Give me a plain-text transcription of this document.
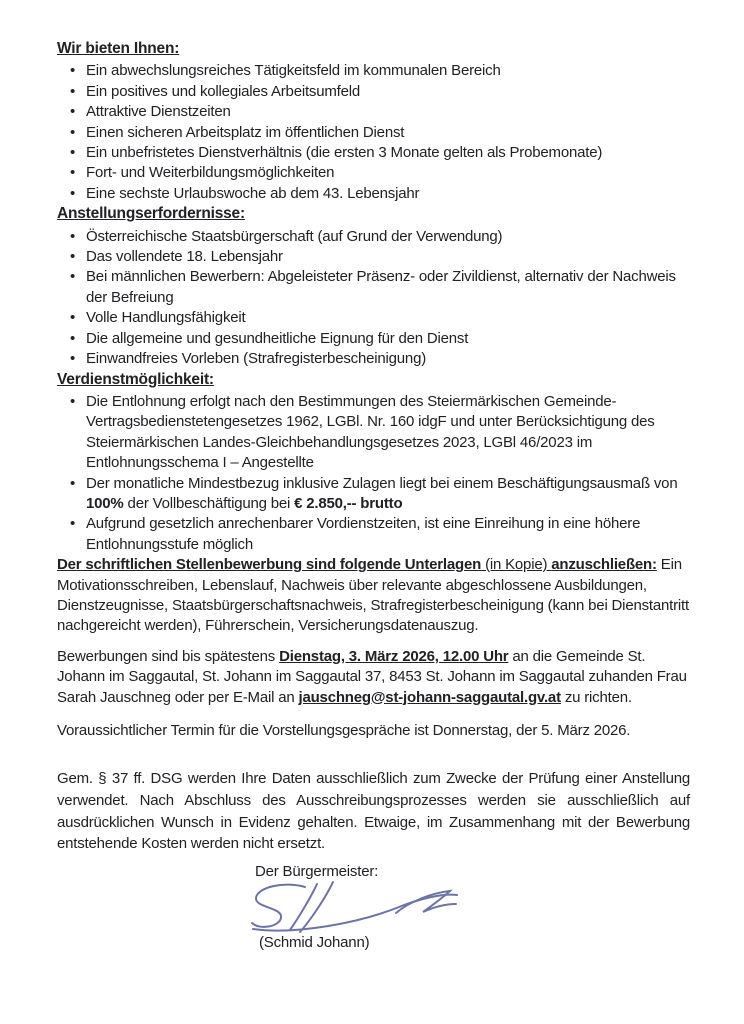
Wir bieten Ihnen:
• Ein abwechslungsreiches Tätigkeitsfeld im kommunalen Bereich
• Ein positives und kollegiales Arbeitsumfeld
• Attraktive Dienstzeiten
• Einen sicheren Arbeitsplatz im öffentlichen Dienst
• Ein unbefristetes Dienstverhältnis (die ersten 3 Monate gelten als Probemonate)
• Fort- und Weiterbildungsmöglichkeiten
• Eine sechste Urlaubswoche ab dem 43. Lebensjahr
Anstellungserfordernisse:
• Österreichische Staatsbürgerschaft (auf Grund der Verwendung)
• Das vollendete 18. Lebensjahr
• Bei männlichen Bewerbern: Abgeleisteter Präsenz- oder Zivildienst, alternativ der Nachweis der Befreiung
• Volle Handlungsfähigkeit
• Die allgemeine und gesundheitliche Eignung für den Dienst
• Einwandfreies Vorleben (Strafregisterbescheinigung)
Verdienstmöglichkeit:
• Die Entlohnung erfolgt nach den Bestimmungen des Steiermärkischen Gemeinde-Vertragsbedienstetengesetzes 1962, LGBl. Nr. 160 idgF und unter Berücksichtigung des Steiermärkischen Landes-Gleichbehandlungsgesetzes 2023, LGBl 46/2023 im Entlohnungsschema I – Angestellte
• Der monatliche Mindestbezug inklusive Zulagen liegt bei einem Beschäftigungsausmaß von 100% der Vollbeschäftigung bei € 2.850,-- brutto
• Aufgrund gesetzlich anrechenbarer Vordienstzeiten, ist eine Einreihung in eine höhere Entlohnungsstufe möglich

Der schriftlichen Stellenbewerbung sind folgende Unterlagen (in Kopie) anzuschließen: Ein Motivationsschreiben, Lebenslauf, Nachweis über relevante abgeschlossene Ausbildungen, Dienstzeugnisse, Staatsbürgerschaftsnachweis, Strafregisterbescheinigung (kann bei Dienstantritt nachgereicht werden), Führerschein, Versicherungsdatenauszug.

Bewerbungen sind bis spätestens Dienstag, 3. März 2026, 12.00 Uhr an die Gemeinde St. Johann im Saggautal, St. Johann im Saggautal 37, 8453 St. Johann im Saggautal zuhanden Frau Sarah Jauschneg oder per E-Mail an jauschneg@st-johann-saggautal.gv.at zu richten.

Voraussichtlicher Termin für die Vorstellungsgespräche ist Donnerstag, der 5. März 2026.

Gem. § 37 ff. DSG werden Ihre Daten ausschließlich zum Zwecke der Prüfung einer Anstellung verwendet. Nach Abschluss des Ausschreibungsprozesses werden sie ausschließlich auf ausdrücklichen Wunsch in Evidenz gehalten. Etwaige, im Zusammenhang mit der Bewerbung entstehende Kosten werden nicht ersetzt.

Der Bürgermeister:
(Schmid Johann)
